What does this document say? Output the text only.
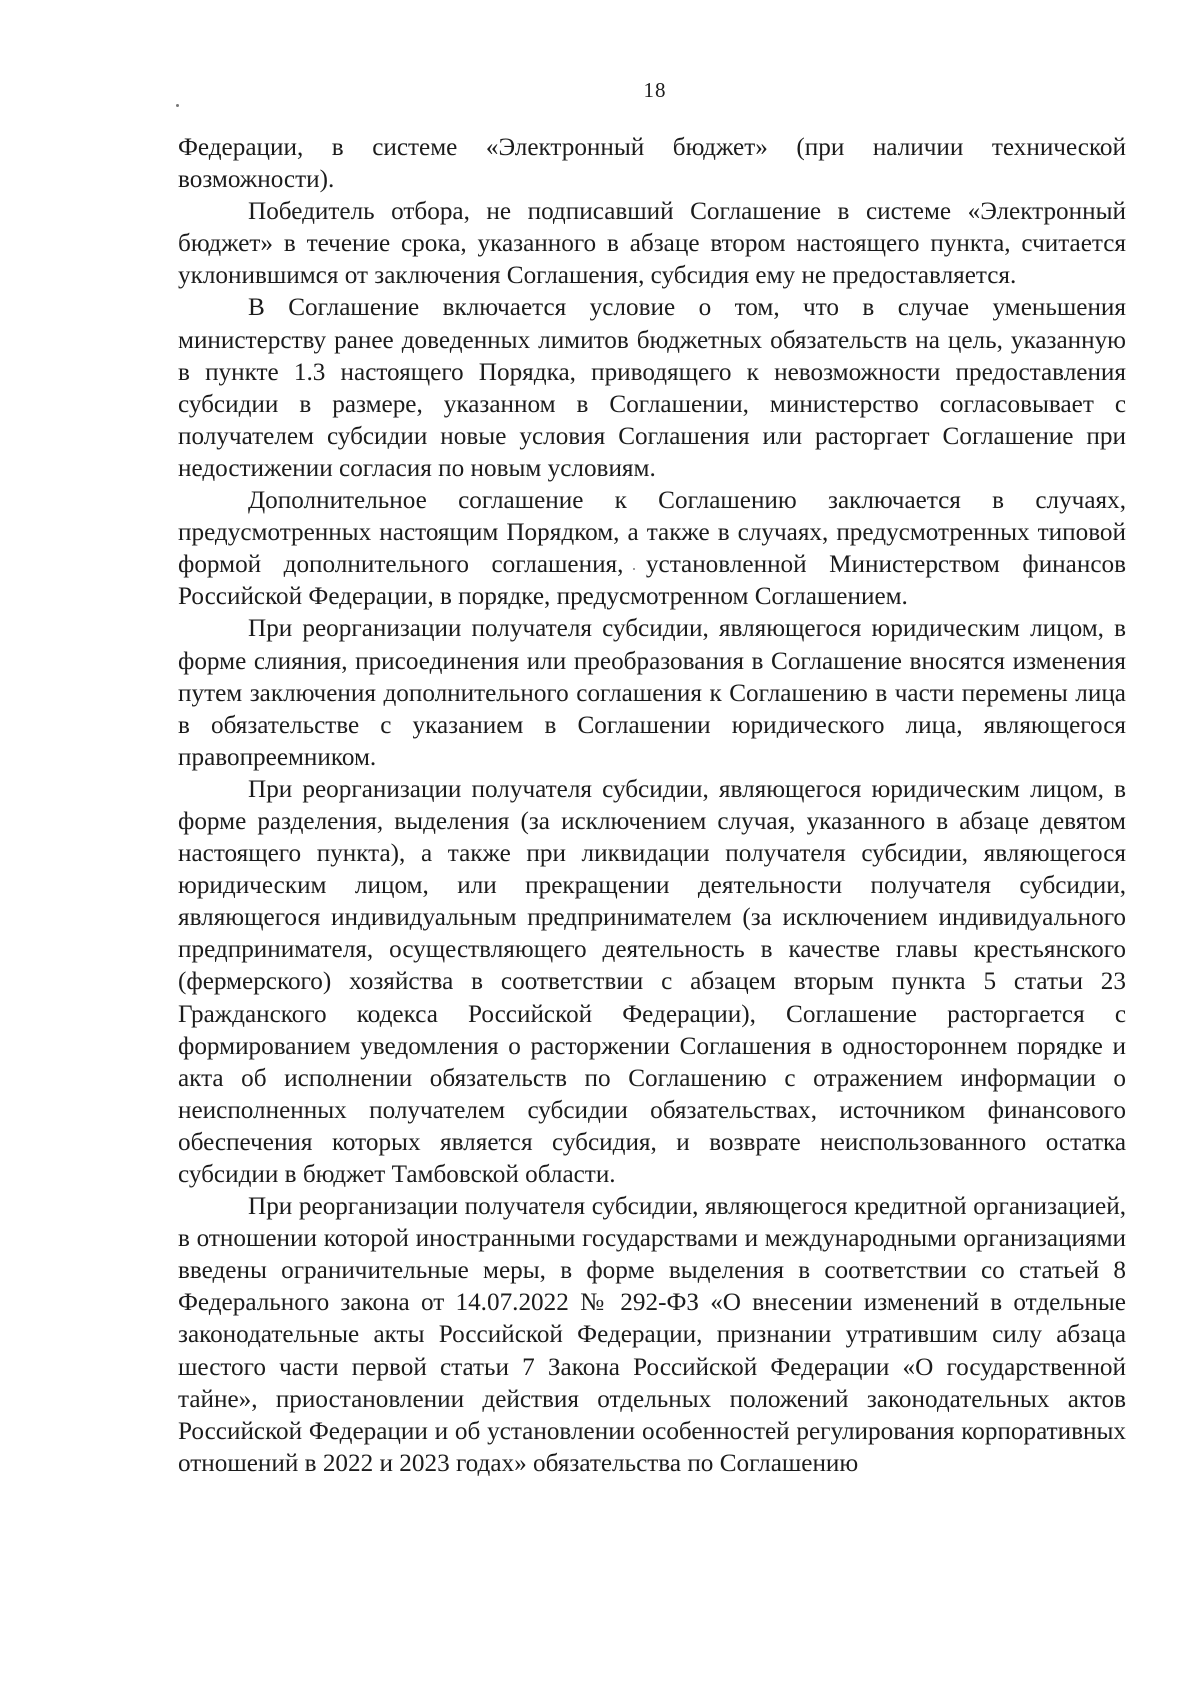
18

Федерации, в системе «Электронный бюджет» (при наличии технической возможности).

Победитель отбора, не подписавший Соглашение в системе «Электронный бюджет» в течение срока, указанного в абзаце втором настоящего пункта, считается уклонившимся от заключения Соглашения, субсидия ему не предоставляется.

В Соглашение включается условие о том, что в случае уменьшения министерству ранее доведенных лимитов бюджетных обязательств на цель, указанную в пункте 1.3 настоящего Порядка, приводящего к невозможности предоставления субсидии в размере, указанном в Соглашении, министерство согласовывает с получателем субсидии новые условия Соглашения или расторгает Соглашение при недостижении согласия по новым условиям.

Дополнительное соглашение к Соглашению заключается в случаях, предусмотренных настоящим Порядком, а также в случаях, предусмотренных типовой формой дополнительного соглашения, установленной Министерством финансов Российской Федерации, в порядке, предусмотренном Соглашением.

При реорганизации получателя субсидии, являющегося юридическим лицом, в форме слияния, присоединения или преобразования в Соглашение вносятся изменения путем заключения дополнительного соглашения к Соглашению в части перемены лица в обязательстве с указанием в Соглашении юридического лица, являющегося правопреемником.

При реорганизации получателя субсидии, являющегося юридическим лицом, в форме разделения, выделения (за исключением случая, указанного в абзаце девятом настоящего пункта), а также при ликвидации получателя субсидии, являющегося юридическим лицом, или прекращении деятельности получателя субсидии, являющегося индивидуальным предпринимателем (за исключением индивидуального предпринимателя, осуществляющего деятельность в качестве главы крестьянского (фермерского) хозяйства в соответствии с абзацем вторым пункта 5 статьи 23 Гражданского кодекса Российской Федерации), Соглашение расторгается с формированием уведомления о расторжении Соглашения в одностороннем порядке и акта об исполнении обязательств по Соглашению с отражением информации о неисполненных получателем субсидии обязательствах, источником финансового обеспечения которых является субсидия, и возврате неиспользованного остатка субсидии в бюджет Тамбовской области.

При реорганизации получателя субсидии, являющегося кредитной организацией, в отношении которой иностранными государствами и международными организациями введены ограничительные меры, в форме выделения в соответствии со статьей 8 Федерального закона от 14.07.2022 № 292-ФЗ «О внесении изменений в отдельные законодательные акты Российской Федерации, признании утратившим силу абзаца шестого части первой статьи 7 Закона Российской Федерации «О государственной тайне», приостановлении действия отдельных положений законодательных актов Российской Федерации и об установлении особенностей регулирования корпоративных отношений в 2022 и 2023 годах» обязательства по Соглашению
